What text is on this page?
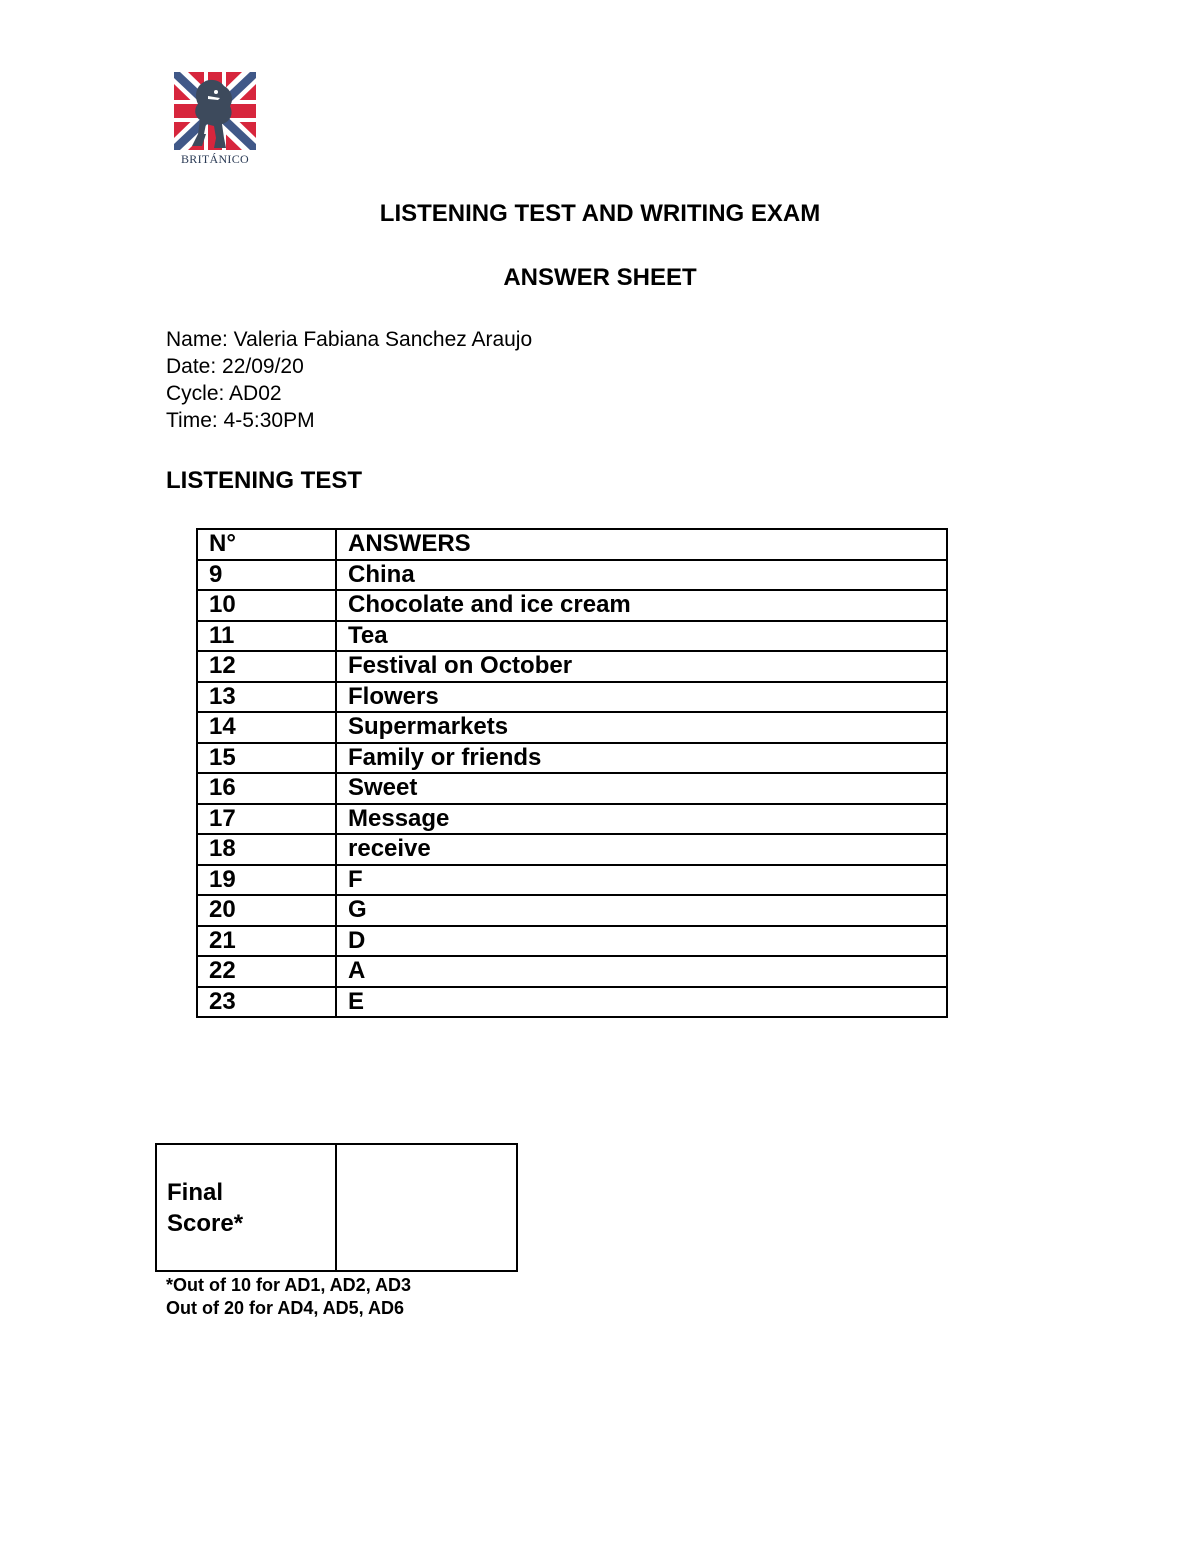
BRITÁNICO
LISTENING TEST AND WRITING EXAM
ANSWER SHEET
Name: Valeria Fabiana Sanchez Araujo
Date: 22/09/20
Cycle: AD02
Time: 4-5:30PM
LISTENING TEST
N°	ANSWERS
9	China
10	Chocolate and ice cream
11	Tea
12	Festival on October
13	Flowers
14	Supermarkets
15	Family or friends
16	Sweet
17	Message
18	receive
19	F
20	G
21	D
22	A
23	E
Final
Score*

*Out of 10 for AD1, AD2, AD3
Out of 20 for AD4, AD5, AD6
